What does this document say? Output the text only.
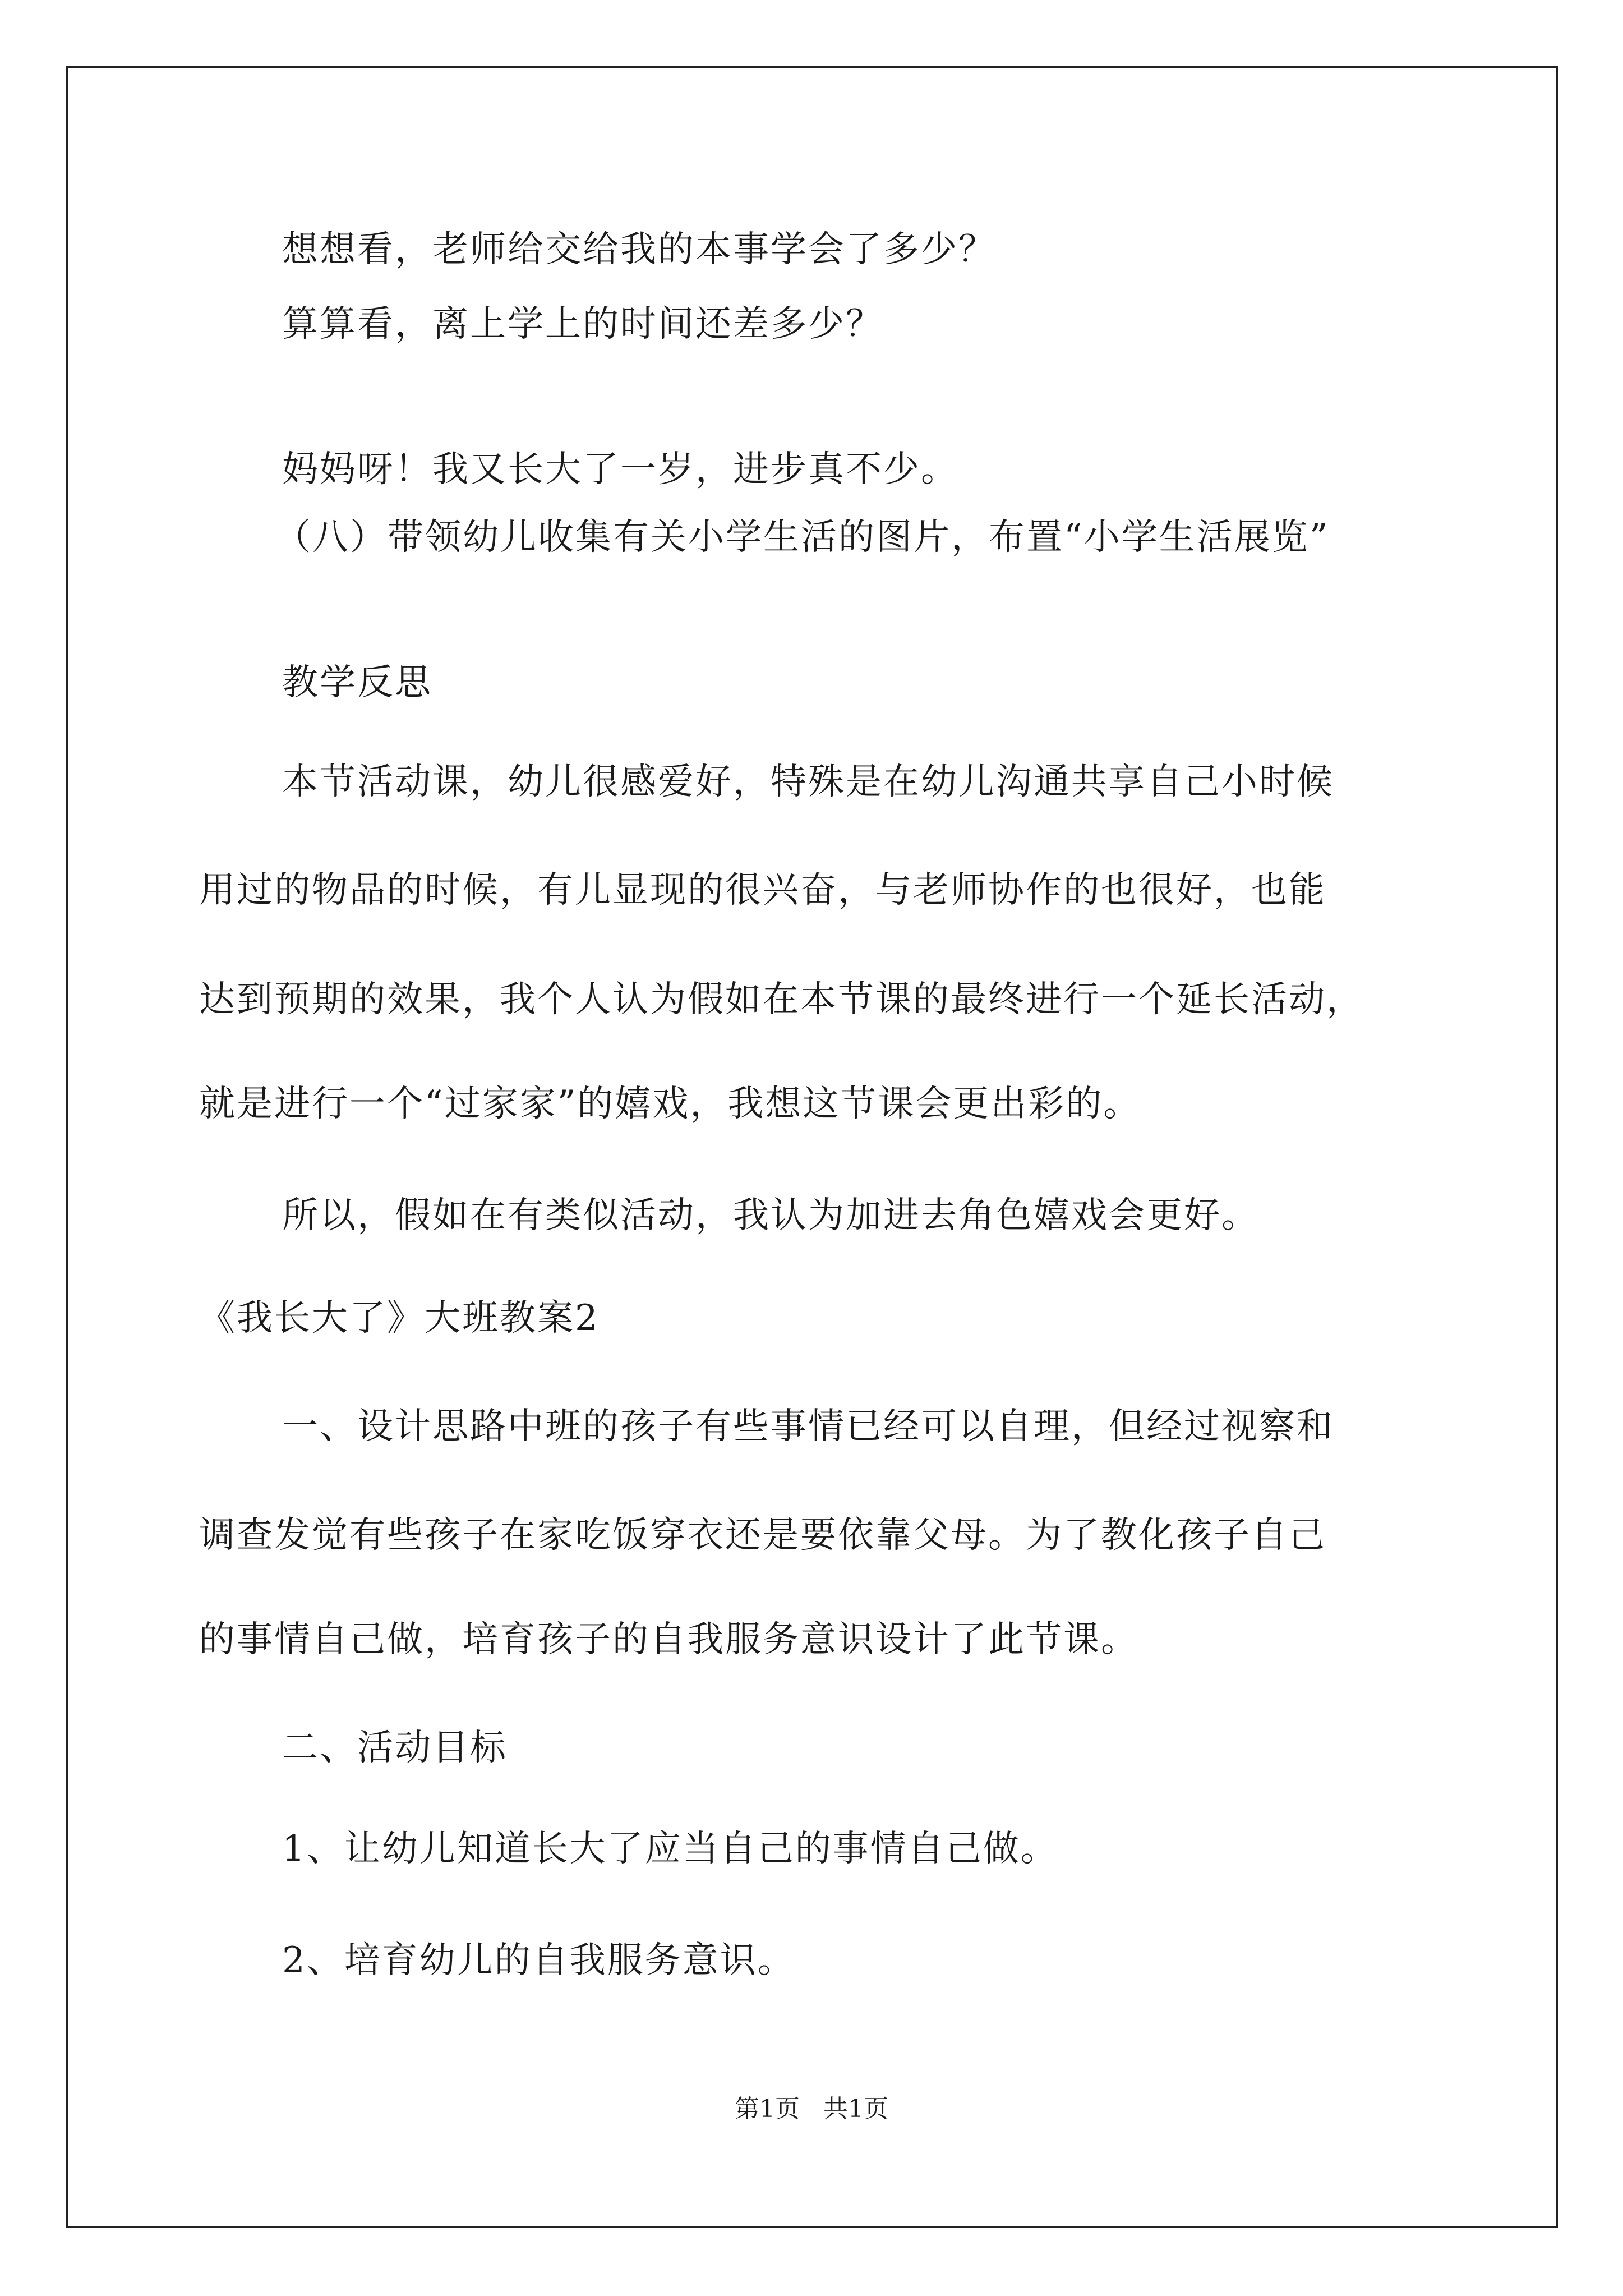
想想看，老师给交给我的本事学会了多少？
算算看，离上学上的时间还差多少？
妈妈呀！我又长大了一岁，进步真不少。
（八）带领幼儿收集有关小学生活的图片，布置“小学生活展览”
教学反思
本节活动课，幼儿很感爱好，特殊是在幼儿沟通共享自己小时候
用过的物品的时候，有儿显现的很兴奋，与老师协作的也很好，也能
达到预期的效果，我个人认为假如在本节课的最终进行一个延长活动，
就是进行一个“过家家”的嬉戏，我想这节课会更出彩的。
所以，假如在有类似活动，我认为加进去角色嬉戏会更好。
《我长大了》大班教案2
一、设计思路中班的孩子有些事情已经可以自理，但经过视察和
调查发觉有些孩子在家吃饭穿衣还是要依靠父母。为了教化孩子自己
的事情自己做，培育孩子的自我服务意识设计了此节课。
二、活动目标
1、让幼儿知道长大了应当自己的事情自己做。
2、培育幼儿的自我服务意识。
第1页   共1页
